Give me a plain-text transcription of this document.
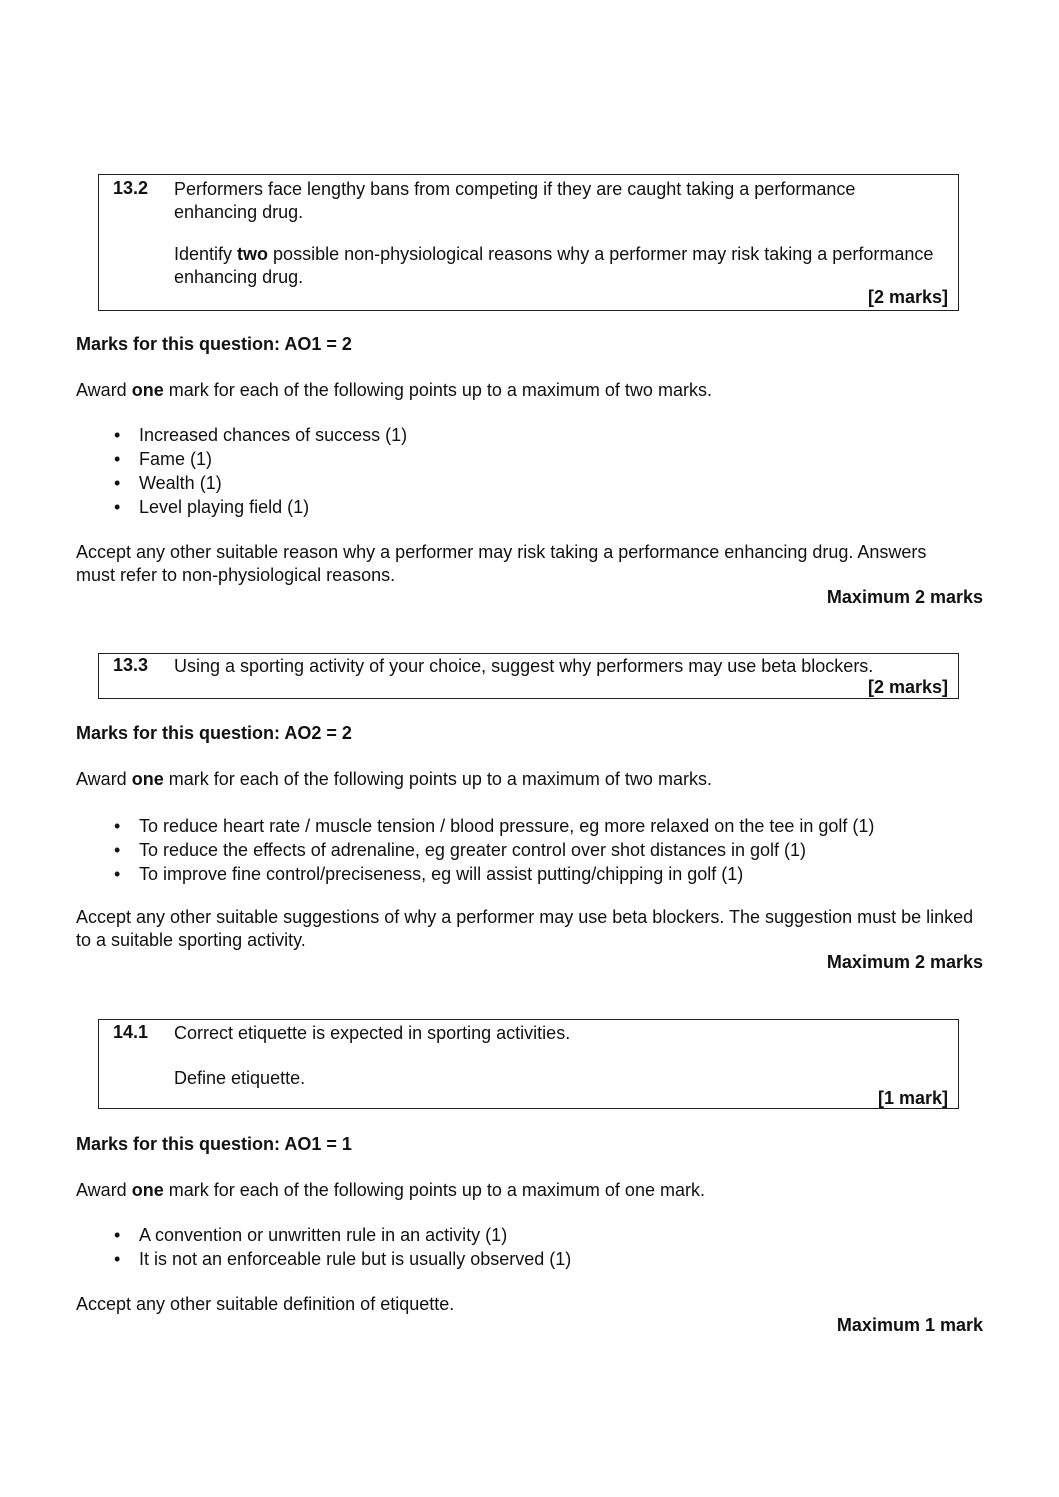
13.2 Performers face lengthy bans from competing if they are caught taking a performance enhancing drug.
Identify two possible non-physiological reasons why a performer may risk taking a performance enhancing drug.
[2 marks]
Marks for this question: AO1 = 2
Award one mark for each of the following points up to a maximum of two marks.
• Increased chances of success (1)
• Fame (1)
• Wealth (1)
• Level playing field (1)
Accept any other suitable reason why a performer may risk taking a performance enhancing drug. Answers must refer to non-physiological reasons.
Maximum 2 marks
13.3 Using a sporting activity of your choice, suggest why performers may use beta blockers.
[2 marks]
Marks for this question: AO2 = 2
Award one mark for each of the following points up to a maximum of two marks.
• To reduce heart rate / muscle tension / blood pressure, eg more relaxed on the tee in golf (1)
• To reduce the effects of adrenaline, eg greater control over shot distances in golf (1)
• To improve fine control/preciseness, eg will assist putting/chipping in golf (1)
Accept any other suitable suggestions of why a performer may use beta blockers. The suggestion must be linked to a suitable sporting activity.
Maximum 2 marks
14.1 Correct etiquette is expected in sporting activities.
Define etiquette.
[1 mark]
Marks for this question: AO1 = 1
Award one mark for each of the following points up to a maximum of one mark.
• A convention or unwritten rule in an activity (1)
• It is not an enforceable rule but is usually observed (1)
Accept any other suitable definition of etiquette.
Maximum 1 mark
